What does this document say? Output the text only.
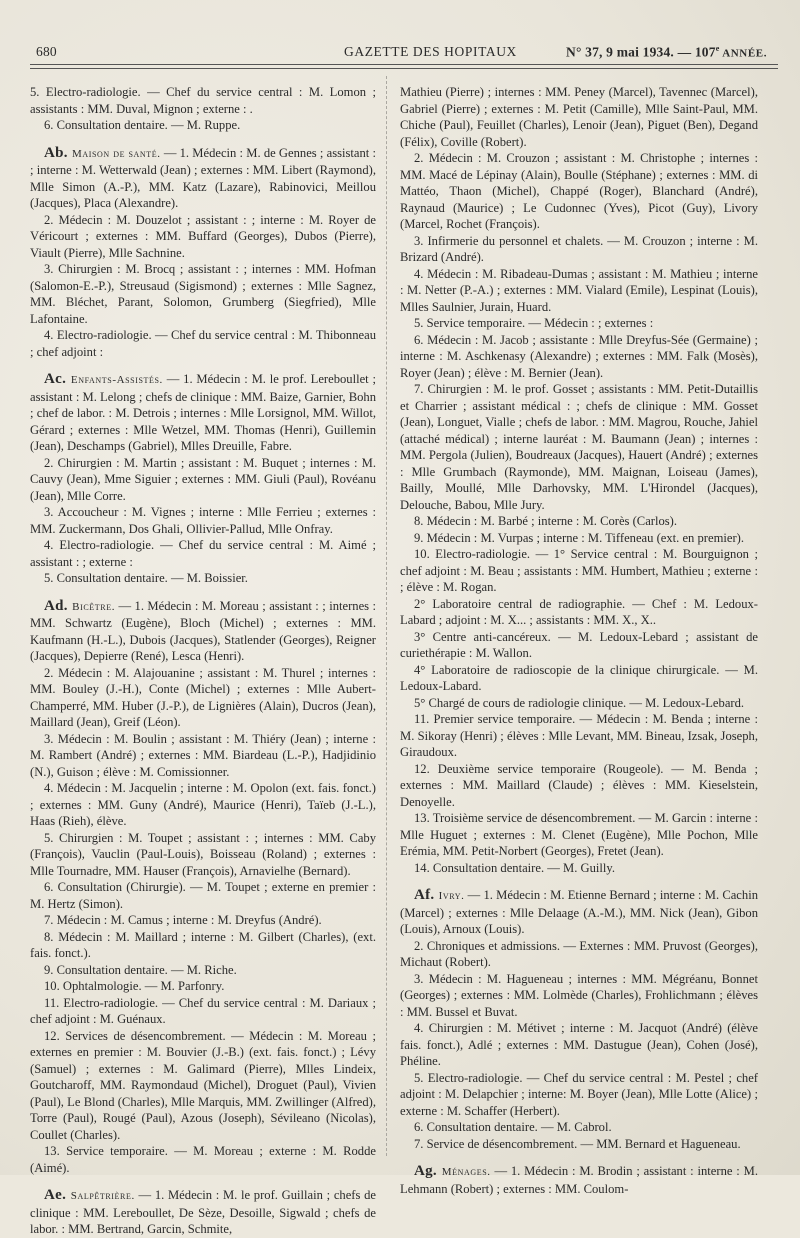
680	GAZETTE DES HOPITAUX	N° 37, 9 mai 1934. — 107e ANNÉE.

5. Electro-radiologie. — Chef du service central : M. Lomon ; assistants : MM. Duval, Mignon ; externe : .

6. Consultation dentaire. — M. Ruppe.

Ab. Maison de santé. — 1. Médecin : M. de Gennes ; assistant : ; interne : M. Wetterwald (Jean) ; externes : MM. Libert (Raymond), Mlle Simon (A.-P.), MM. Katz (Lazare), Rabinovici, Meillou (Jacques), Placa (Alexandre).

2. Médecin : M. Douzelot ; assistant : ; interne : M. Royer de Véricourt ; externes : MM. Buffard (Georges), Dubos (Pierre), Viault (Pierre), Mlle Sachnine.

3. Chirurgien : M. Brocq ; assistant : ; internes : MM. Hofman (Salomon-E.-P.), Streusaud (Sigismond) ; externes : Mlle Sagnez, MM. Bléchet, Parant, Solomon, Grumberg (Siegfried), Mlle Lafontaine.

4. Electro-radiologie. — Chef du service central : M. Thibonneau ; chef adjoint :

Ac. Enfants-Assistés. — 1. Médecin : M. le prof. Lereboullet ; assistant : M. Lelong ; chefs de clinique : MM. Baize, Garnier, Bohn ; chef de labor. : M. Detrois ; internes : Mlle Lorsignol, MM. Willot, Gérard ; externes : Mlle Wetzel, MM. Thomas (Henri), Guillemin (Jean), Deschamps (Gabriel), Mlles Dreuille, Fabre.

2. Chirurgien : M. Martin ; assistant : M. Buquet ; internes : M. Cauvy (Jean), Mme Siguier ; externes : MM. Giuli (Paul), Rovéanu (Jean), Mlle Corre.

3. Accoucheur : M. Vignes ; interne : Mlle Ferrieu ; externes : MM. Zuckermann, Dos Ghali, Ollivier-Pallud, Mlle Onfray.

4. Electro-radiologie. — Chef du service central : M. Aimé ; assistant : ; externe :

5. Consultation dentaire. — M. Boissier.

Ad. Bicêtre. — 1. Médecin : M. Moreau ; assistant : ; internes : MM. Schwartz (Eugène), Bloch (Michel) ; externes : MM. Kaufmann (H.-L.), Dubois (Jacques), Statlender (Georges), Reigner (Jacques), Depierre (René), Lesca (Henri).

2. Médecin : M. Alajouanine ; assistant : M. Thurel ; internes : MM. Bouley (J.-H.), Conte (Michel) ; externes : Mlle Aubert-Champerré, MM. Huber (J.-P.), de Lignières (Alain), Ducros (Jean), Maillard (Jean), Greif (Léon).

3. Médecin : M. Boulin ; assistant : M. Thiéry (Jean) ; interne : M. Rambert (André) ; externes : MM. Biardeau (L.-P.), Hadjidinio (N.), Guison ; élève : M. Comissionner.

4. Médecin : M. Jacquelin ; interne : M. Opolon (ext. fais. fonct.) ; externes : MM. Guny (André), Maurice (Henri), Taïeb (J.-L.), Haas (Rieh), élève.

5. Chirurgien : M. Toupet ; assistant : ; internes : MM. Caby (François), Vauclin (Paul-Louis), Boisseau (Roland) ; externes : Mlle Tournadre, MM. Hauser (François), Arnavielhe (Bernard).

6. Consultation (Chirurgie). — M. Toupet ; externe en premier : M. Hertz (Simon).

7. Médecin : M. Camus ; interne : M. Dreyfus (André).

8. Médecin : M. Maillard ; interne : M. Gilbert (Charles), (ext. fais. fonct.).

9. Consultation dentaire. — M. Riche.

10. Ophtalmologie. — M. Parfonry.

11. Electro-radiologie. — Chef du service central : M. Dariaux ; chef adjoint : M. Guénaux.

12. Services de désencombrement. — Médecin : M. Moreau ; externes en premier : M. Bouvier (J.-B.) (ext. fais. fonct.) ; Lévy (Samuel) ; externes : M. Galimard (Pierre), Mlles Lindeix, Goutcharoff, MM. Raymondaud (Michel), Droguet (Paul), Vivien (Paul), Le Blond (Charles), Mlle Marquis, MM. Zwillinger (Alfred), Torre (Paul), Rougé (Paul), Azous (Joseph), Sévileano (Nicolas), Coullet (Charles).

13. Service temporaire. — M. Moreau ; externe : M. Rodde (Aimé).

Ae. Salpêtrière. — 1. Médecin : M. le prof. Guillain ; chefs de clinique : MM. Lereboullet, De Sèze, Desoille, Sigwald ; chefs de labor. : MM. Bertrand, Garcin, Schmite,

Mathieu (Pierre) ; internes : MM. Peney (Marcel), Tavennec (Marcel), Gabriel (Pierre) ; externes : M. Petit (Camille), Mlle Saint-Paul, MM. Chiche (Paul), Feuillet (Charles), Lenoir (Jean), Piguet (Ben), Degand (Félix), Coville (Robert).

2. Médecin : M. Crouzon ; assistant : M. Christophe ; internes : MM. Macé de Lépinay (Alain), Boulle (Stéphane) ; externes : MM. di Mattéo, Thaon (Michel), Chappé (Roger), Blanchard (André), Raynaud (Maurice) ; Le Cudonnec (Yves), Picot (Guy), Livory (Marcel, Rochet (François).

3. Infirmerie du personnel et chalets. — M. Crouzon ; interne : M. Brizard (André).

4. Médecin : M. Ribadeau-Dumas ; assistant : M. Mathieu ; interne : M. Netter (P.-A.) ; externes : MM. Vialard (Emile), Lespinat (Louis), Mlles Saulnier, Jurain, Huard.

5. Service temporaire. — Médecin : ; externes :

6. Médecin : M. Jacob ; assistante : Mlle Dreyfus-Sée (Germaine) ; interne : M. Aschkenasy (Alexandre) ; externes : MM. Falk (Mosès), Royer (Jean) ; élève : M. Bernier (Jean).

7. Chirurgien : M. le prof. Gosset ; assistants : MM. Petit-Dutaillis et Charrier ; assistant médical : ; chefs de clinique : MM. Gosset (Jean), Longuet, Vialle ; chefs de labor. : MM. Magrou, Rouche, Jahiel (attaché médical) ; interne lauréat : M. Baumann (Jean) ; internes : MM. Pergola (Julien), Boudreaux (Jacques), Hauert (André) ; externes : Mlle Grumbach (Raymonde), MM. Maignan, Loiseau (James), Bailly, Moullé, Mlle Darhovsky, MM. L'Hirondel (Jacques), Delouche, Babou, Mlle Jury.

8. Médecin : M. Barbé ; interne : M. Corès (Carlos).

9. Médecin : M. Vurpas ; interne : M. Tiffeneau (ext. en premier).

10. Electro-radiologie. — 1° Service central : M. Bourguignon ; chef adjoint : M. Beau ; assistants : MM. Humbert, Mathieu ; externe : ; élève : M. Rogan.

2° Laboratoire central de radiographie. — Chef : M. Ledoux-Labard ; adjoint : M. X... ; assistants : MM. X., X..

3° Centre anti-cancéreux. — M. Ledoux-Lebard ; assistant de curiethérapie : M. Wallon.

4° Laboratoire de radioscopie de la clinique chirurgicale. — M. Ledoux-Labard.

5° Chargé de cours de radiologie clinique. — M. Ledoux-Lebard.

11. Premier service temporaire. — Médecin : M. Benda ; interne : M. Sikoray (Henri) ; élèves : Mlle Levant, MM. Bineau, Izsak, Joseph, Giraudoux.

12. Deuxième service temporaire (Rougeole). — M. Benda ; externes : MM. Maillard (Claude) ; élèves : MM. Kieselstein, Denoyelle.

13. Troisième service de désencombrement. — M. Garcin : interne : Mlle Huguet ; externes : M. Clenet (Eugène), Mlle Pochon, Mlle Erémia, MM. Petit-Norbert (Georges), Fretet (Jean).

14. Consultation dentaire. — M. Guilly.

Af. Ivry. — 1. Médecin : M. Etienne Bernard ; interne : M. Cachin (Marcel) ; externes : Mlle Delaage (A.-M.), MM. Nick (Jean), Gibon (Louis), Arnoux (Louis).

2. Chroniques et admissions. — Externes : MM. Pruvost (Georges), Michaut (Robert).

3. Médecin : M. Hagueneau ; internes : MM. Mégréanu, Bonnet (Georges) ; externes : MM. Lolmède (Charles), Frohlichmann ; élèves : MM. Bussel et Buvat.

4. Chirurgien : M. Métivet ; interne : M. Jacquot (André) (élève fais. fonct.), Adlé ; externes : MM. Dastugue (Jean), Cohen (José), Phéline.

5. Electro-radiologie. — Chef du service central : M. Pestel ; chef adjoint : M. Delapchier ; interne: M. Boyer (Jean), Mlle Lotte (Alice) ; externe : M. Schaffer (Herbert).

6. Consultation dentaire. — M. Cabrol.

7. Service de désencombrement. — MM. Bernard et Hagueneau.

Ag. Ménages. — 1. Médecin : M. Brodin ; assistant : interne : M. Lehmann (Robert) ; externes : MM. Coulom-
